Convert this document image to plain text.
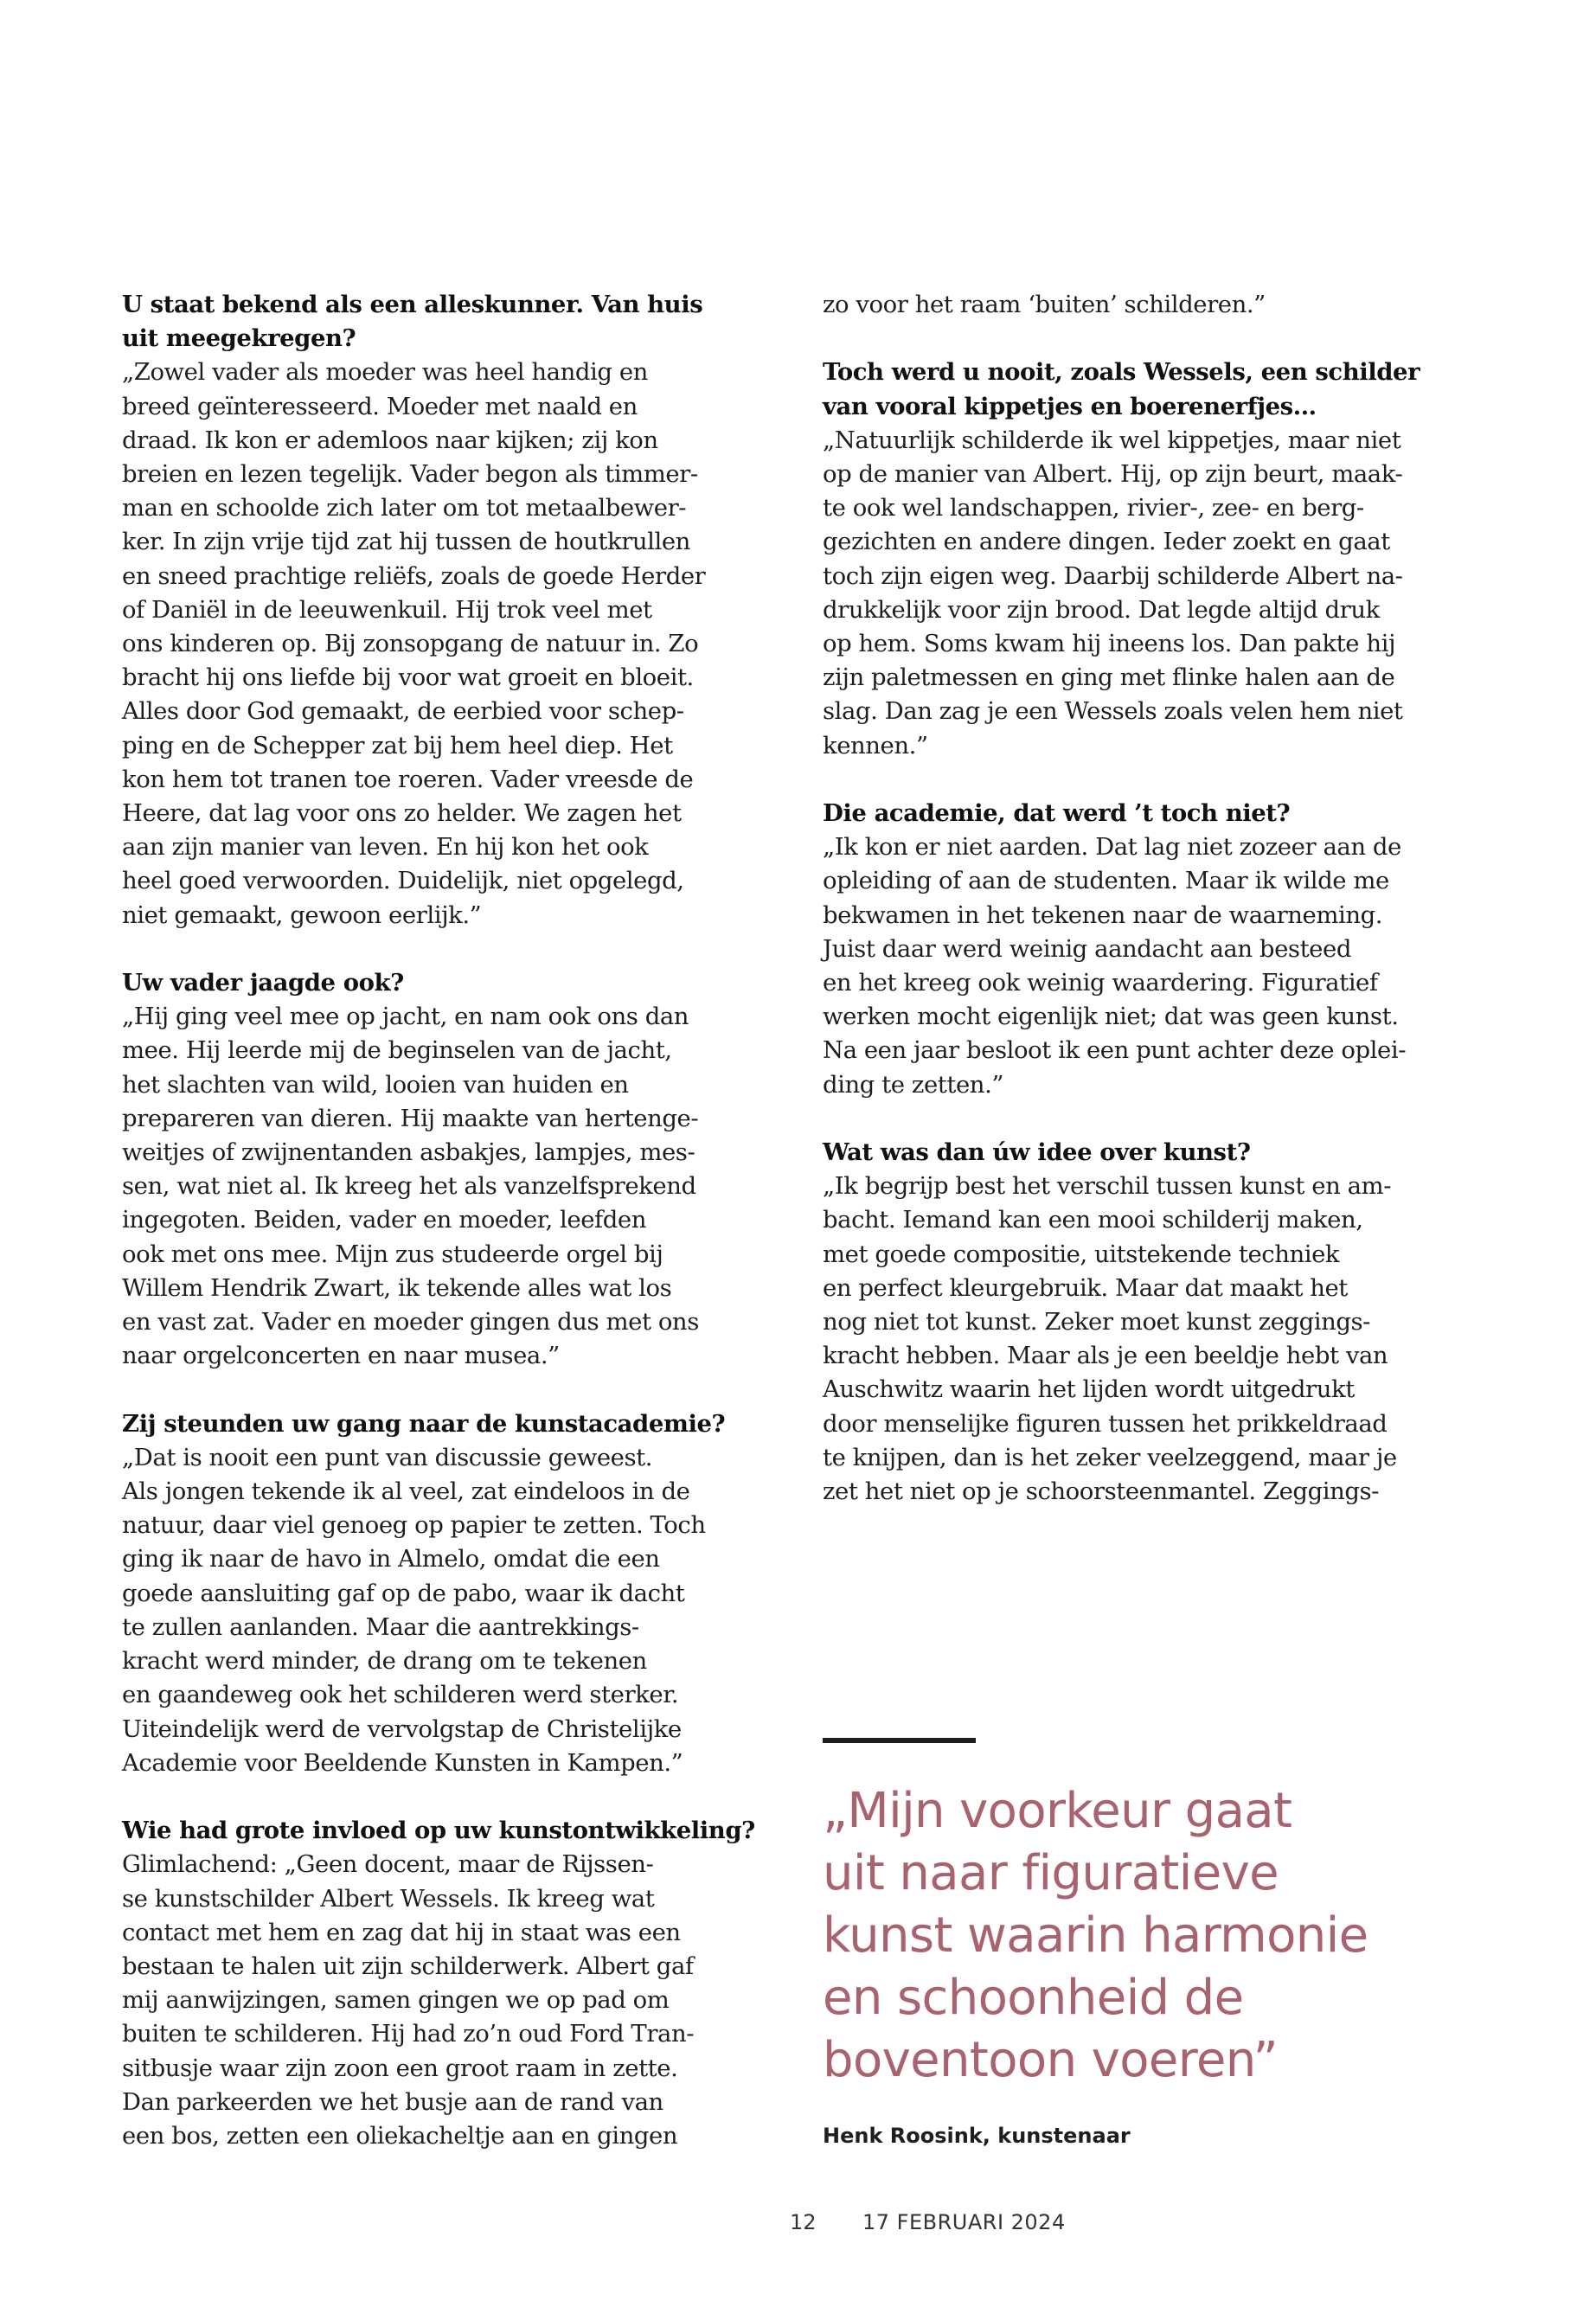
U staat bekend als een alleskunner. Van huis
uit meegekregen?
„Zowel vader als moeder was heel handig en
breed geïnteresseerd. Moeder met naald en
draad. Ik kon er ademloos naar kijken; zij kon
breien en lezen tegelijk. Vader begon als timmer-
man en schoolde zich later om tot metaalbewer-
ker. In zijn vrije tijd zat hij tussen de houtkrullen
en sneed prachtige reliëfs, zoals de goede Herder
of Daniël in de leeuwenkuil. Hij trok veel met
ons kinderen op. Bij zonsopgang de natuur in. Zo
bracht hij ons liefde bij voor wat groeit en bloeit.
Alles door God gemaakt, de eerbied voor schep-
ping en de Schepper zat bij hem heel diep. Het
kon hem tot tranen toe roeren. Vader vreesde de
Heere, dat lag voor ons zo helder. We zagen het
aan zijn manier van leven. En hij kon het ook
heel goed verwoorden. Duidelijk, niet opgelegd,
niet gemaakt, gewoon eerlijk.”
Uw vader jaagde ook?
„Hij ging veel mee op jacht, en nam ook ons dan
mee. Hij leerde mij de beginselen van de jacht,
het slachten van wild, looien van huiden en
prepareren van dieren. Hij maakte van hertenge-
weitjes of zwijnentanden asbakjes, lampjes, mes-
sen, wat niet al. Ik kreeg het als vanzelfsprekend
ingegoten. Beiden, vader en moeder, leefden
ook met ons mee. Mijn zus studeerde orgel bij
Willem Hendrik Zwart, ik tekende alles wat los
en vast zat. Vader en moeder gingen dus met ons
naar orgelconcerten en naar musea.”
Zij steunden uw gang naar de kunstacademie?
„Dat is nooit een punt van discussie geweest.
Als jongen tekende ik al veel, zat eindeloos in de
natuur, daar viel genoeg op papier te zetten. Toch
ging ik naar de havo in Almelo, omdat die een
goede aansluiting gaf op de pabo, waar ik dacht
te zullen aanlanden. Maar die aantrekkings-
kracht werd minder, de drang om te tekenen
en gaandeweg ook het schilderen werd sterker.
Uiteindelijk werd de vervolgstap de Christelijke
Academie voor Beeldende Kunsten in Kampen.”
Wie had grote invloed op uw kunstontwikkeling?
Glimlachend: „Geen docent, maar de Rijssen-
se kunstschilder Albert Wessels. Ik kreeg wat
contact met hem en zag dat hij in staat was een
bestaan te halen uit zijn schilderwerk. Albert gaf
mij aanwijzingen, samen gingen we op pad om
buiten te schilderen. Hij had zo’n oud Ford Tran-
sitbusje waar zijn zoon een groot raam in zette.
Dan parkeerden we het busje aan de rand van
een bos, zetten een oliekacheltje aan en gingen
zo voor het raam ‘buiten’ schilderen.”
Toch werd u nooit, zoals Wessels, een schilder
van vooral kippetjes en boerenerfjes…
„Natuurlijk schilderde ik wel kippetjes, maar niet
op de manier van Albert. Hij, op zijn beurt, maak-
te ook wel landschappen, rivier-, zee- en berg-
gezichten en andere dingen. Ieder zoekt en gaat
toch zijn eigen weg. Daarbij schilderde Albert na-
drukkelijk voor zijn brood. Dat legde altijd druk
op hem. Soms kwam hij ineens los. Dan pakte hij
zijn paletmessen en ging met flinke halen aan de
slag. Dan zag je een Wessels zoals velen hem niet
kennen.”
Die academie, dat werd ’t toch niet?
„Ik kon er niet aarden. Dat lag niet zozeer aan de
opleiding of aan de studenten. Maar ik wilde me
bekwamen in het tekenen naar de waarneming.
Juist daar werd weinig aandacht aan besteed
en het kreeg ook weinig waardering. Figuratief
werken mocht eigenlijk niet; dat was geen kunst.
Na een jaar besloot ik een punt achter deze oplei-
ding te zetten.”
Wat was dan úw idee over kunst?
„Ik begrijp best het verschil tussen kunst en am-
bacht. Iemand kan een mooi schilderij maken,
met goede compositie, uitstekende techniek
en perfect kleurgebruik. Maar dat maakt het
nog niet tot kunst. Zeker moet kunst zeggings-
kracht hebben. Maar als je een beeldje hebt van
Auschwitz waarin het lijden wordt uitgedrukt
door menselijke figuren tussen het prikkeldraad
te knijpen, dan is het zeker veelzeggend, maar je
zet het niet op je schoorsteenmantel. Zeggings-
„Mijn voorkeur gaat
uit naar figuratieve
kunst waarin harmonie
en schoonheid de
boventoon voeren”
Henk Roosink, kunstenaar
12 17 FEBRUARI 2024
